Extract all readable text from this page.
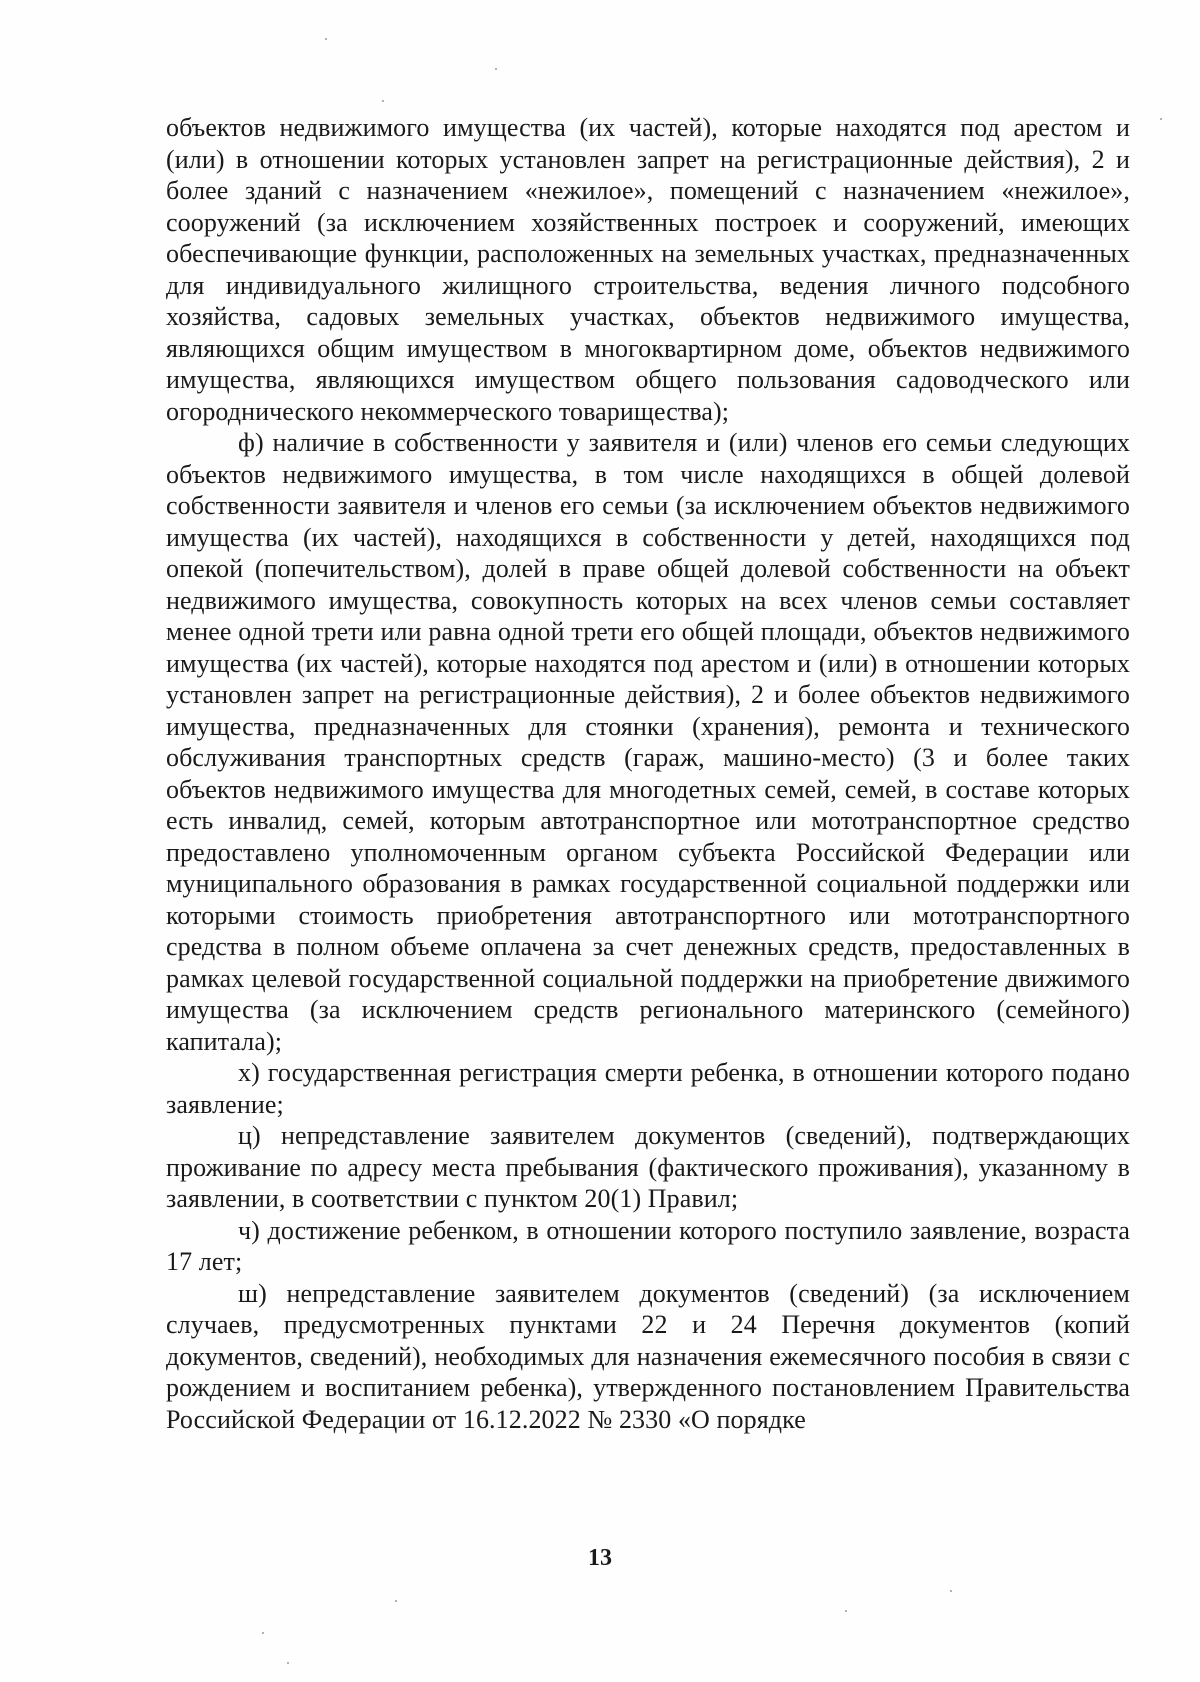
объектов недвижимого имущества (их частей), которые находятся под арестом и (или) в отношении которых установлен запрет на регистрационные действия), 2 и более зданий с назначением «нежилое», помещений с назначением «нежилое», сооружений (за исключением хозяйственных построек и сооружений, имеющих обеспечивающие функции, расположенных на земельных участках, предназначенных для индивидуального жилищного строительства, ведения личного подсобного хозяйства, садовых земельных участках, объектов недвижимого имущества, являющихся общим имуществом в многоквартирном доме, объектов недвижимого имущества, являющихся имуществом общего пользования садоводческого или огороднического некоммерческого товарищества);

ф) наличие в собственности у заявителя и (или) членов его семьи следующих объектов недвижимого имущества, в том числе находящихся в общей долевой собственности заявителя и членов его семьи (за исключением объектов недвижимого имущества (их частей), находящихся в собственности у детей, находящихся под опекой (попечительством), долей в праве общей долевой собственности на объект недвижимого имущества, совокупность которых на всех членов семьи составляет менее одной трети или равна одной трети его общей площади, объектов недвижимого имущества (их частей), которые находятся под арестом и (или) в отношении которых установлен запрет на регистрационные действия), 2 и более объектов недвижимого имущества, предназначенных для стоянки (хранения), ремонта и технического обслуживания транспортных средств (гараж, машино-место) (3 и более таких объектов недвижимого имущества для многодетных семей, семей, в составе которых есть инвалид, семей, которым автотранспортное или мототранспортное средство предоставлено уполномоченным органом субъекта Российской Федерации или муниципального образования в рамках государственной социальной поддержки или которыми стоимость приобретения автотранспортного или мототранспортного средства в полном объеме оплачена за счет денежных средств, предоставленных в рамках целевой государственной социальной поддержки на приобретение движимого имущества (за исключением средств регионального материнского (семейного) капитала);

х) государственная регистрация смерти ребенка, в отношении которого подано заявление;

ц) непредставление заявителем документов (сведений), подтверждающих проживание по адресу места пребывания (фактического проживания), указанному в заявлении, в соответствии с пунктом 20(1) Правил;

ч) достижение ребенком, в отношении которого поступило заявление, возраста 17 лет;

ш) непредставление заявителем документов (сведений) (за исключением случаев, предусмотренных пунктами 22 и 24 Перечня документов (копий документов, сведений), необходимых для назначения ежемесячного пособия в связи с рождением и воспитанием ребенка), утвержденного постановлением Правительства Российской Федерации от 16.12.2022 № 2330 «О порядке

13
